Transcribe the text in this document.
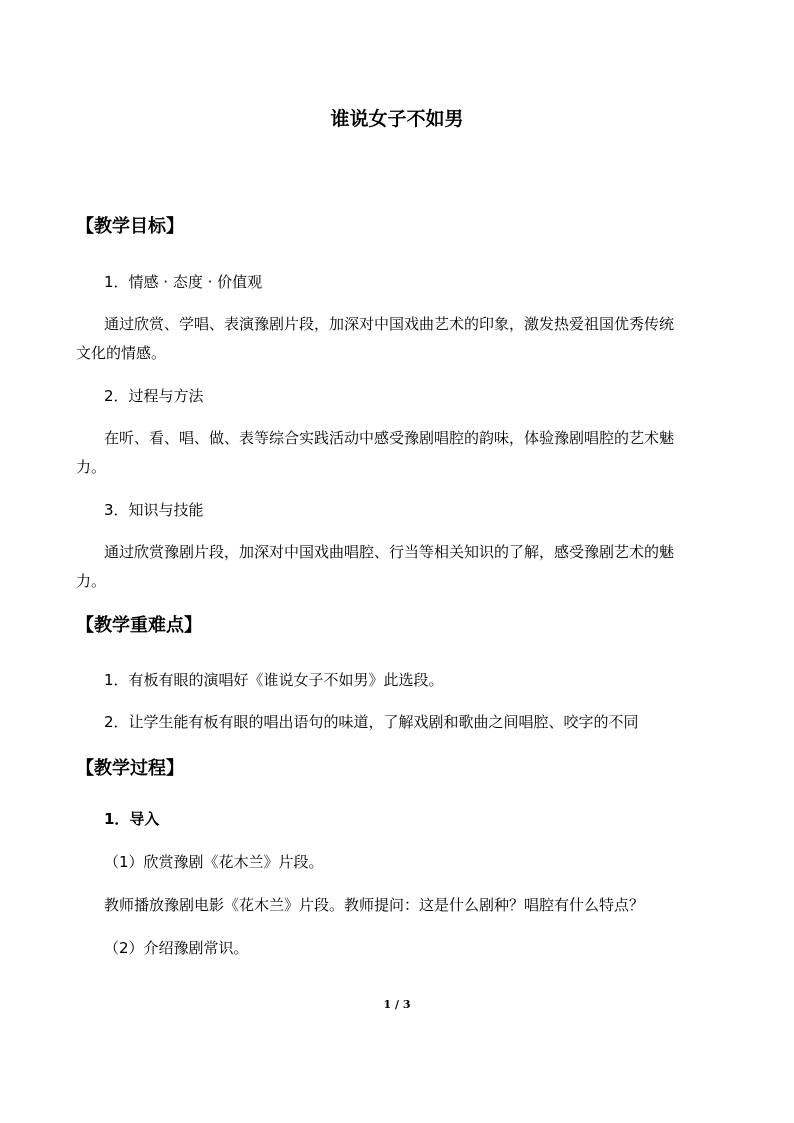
谁说女子不如男
【教学目标】
1．情感 · 态度 · 价值观
通过欣赏、学唱、表演豫剧片段，加深对中国戏曲艺术的印象，激发热爱祖国优秀传统
文化的情感。
2．过程与方法
在听、看、唱、做、表等综合实践活动中感受豫剧唱腔的韵味，体验豫剧唱腔的艺术魅
力。
3．知识与技能
通过欣赏豫剧片段，加深对中国戏曲唱腔、行当等相关知识的了解，感受豫剧艺术的魅
力。
【教学重难点】
1．有板有眼的演唱好《谁说女子不如男》此选段。
2．让学生能有板有眼的唱出语句的味道，了解戏剧和歌曲之间唱腔、咬字的不同
【教学过程】
1．导入
（1）欣赏豫剧《花木兰》片段。
教师播放豫剧电影《花木兰》片段。教师提问：这是什么剧种？唱腔有什么特点？
（2）介绍豫剧常识。
1 / 3
